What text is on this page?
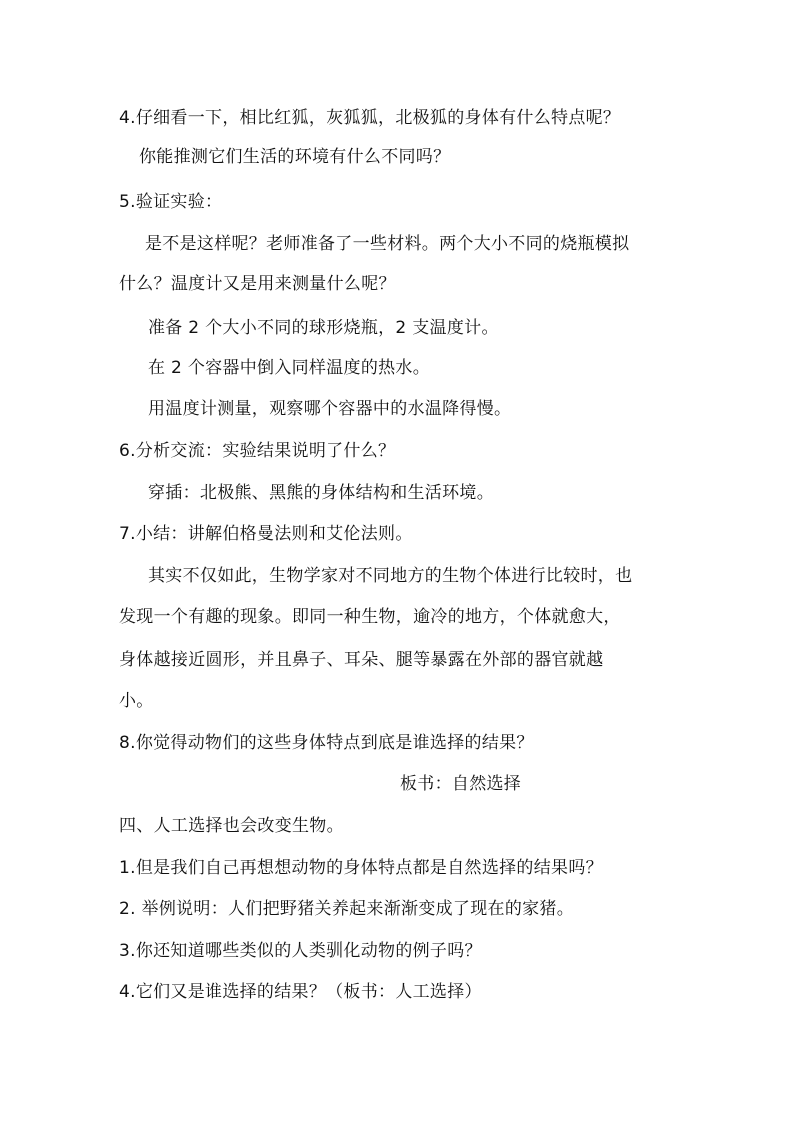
4.仔细看一下，相比红狐，灰狐狐，北极狐的身体有什么特点呢？
你能推测它们生活的环境有什么不同吗？
5.验证实验：
是不是这样呢？老师准备了一些材料。两个大小不同的烧瓶模拟
什么？温度计又是用来测量什么呢？
准备 2 个大小不同的球形烧瓶，2 支温度计。
在 2 个容器中倒入同样温度的热水。
用温度计测量，观察哪个容器中的水温降得慢。
6.分析交流：实验结果说明了什么？
穿插：北极熊、黑熊的身体结构和生活环境。
7.小结：讲解伯格曼法则和艾伦法则。
其实不仅如此，生物学家对不同地方的生物个体进行比较时，也
发现一个有趣的现象。即同一种生物，逾冷的地方，个体就愈大，
身体越接近圆形，并且鼻子、耳朵、腿等暴露在外部的器官就越
小。
8.你觉得动物们的这些身体特点到底是谁选择的结果？
板书：自然选择
四、人工选择也会改变生物。
1.但是我们自己再想想动物的身体特点都是自然选择的结果吗？
2. 举例说明：人们把野猪关养起来渐渐变成了现在的家猪。
3.你还知道哪些类似的人类驯化动物的例子吗？
4.它们又是谁选择的结果？（板书：人工选择）
